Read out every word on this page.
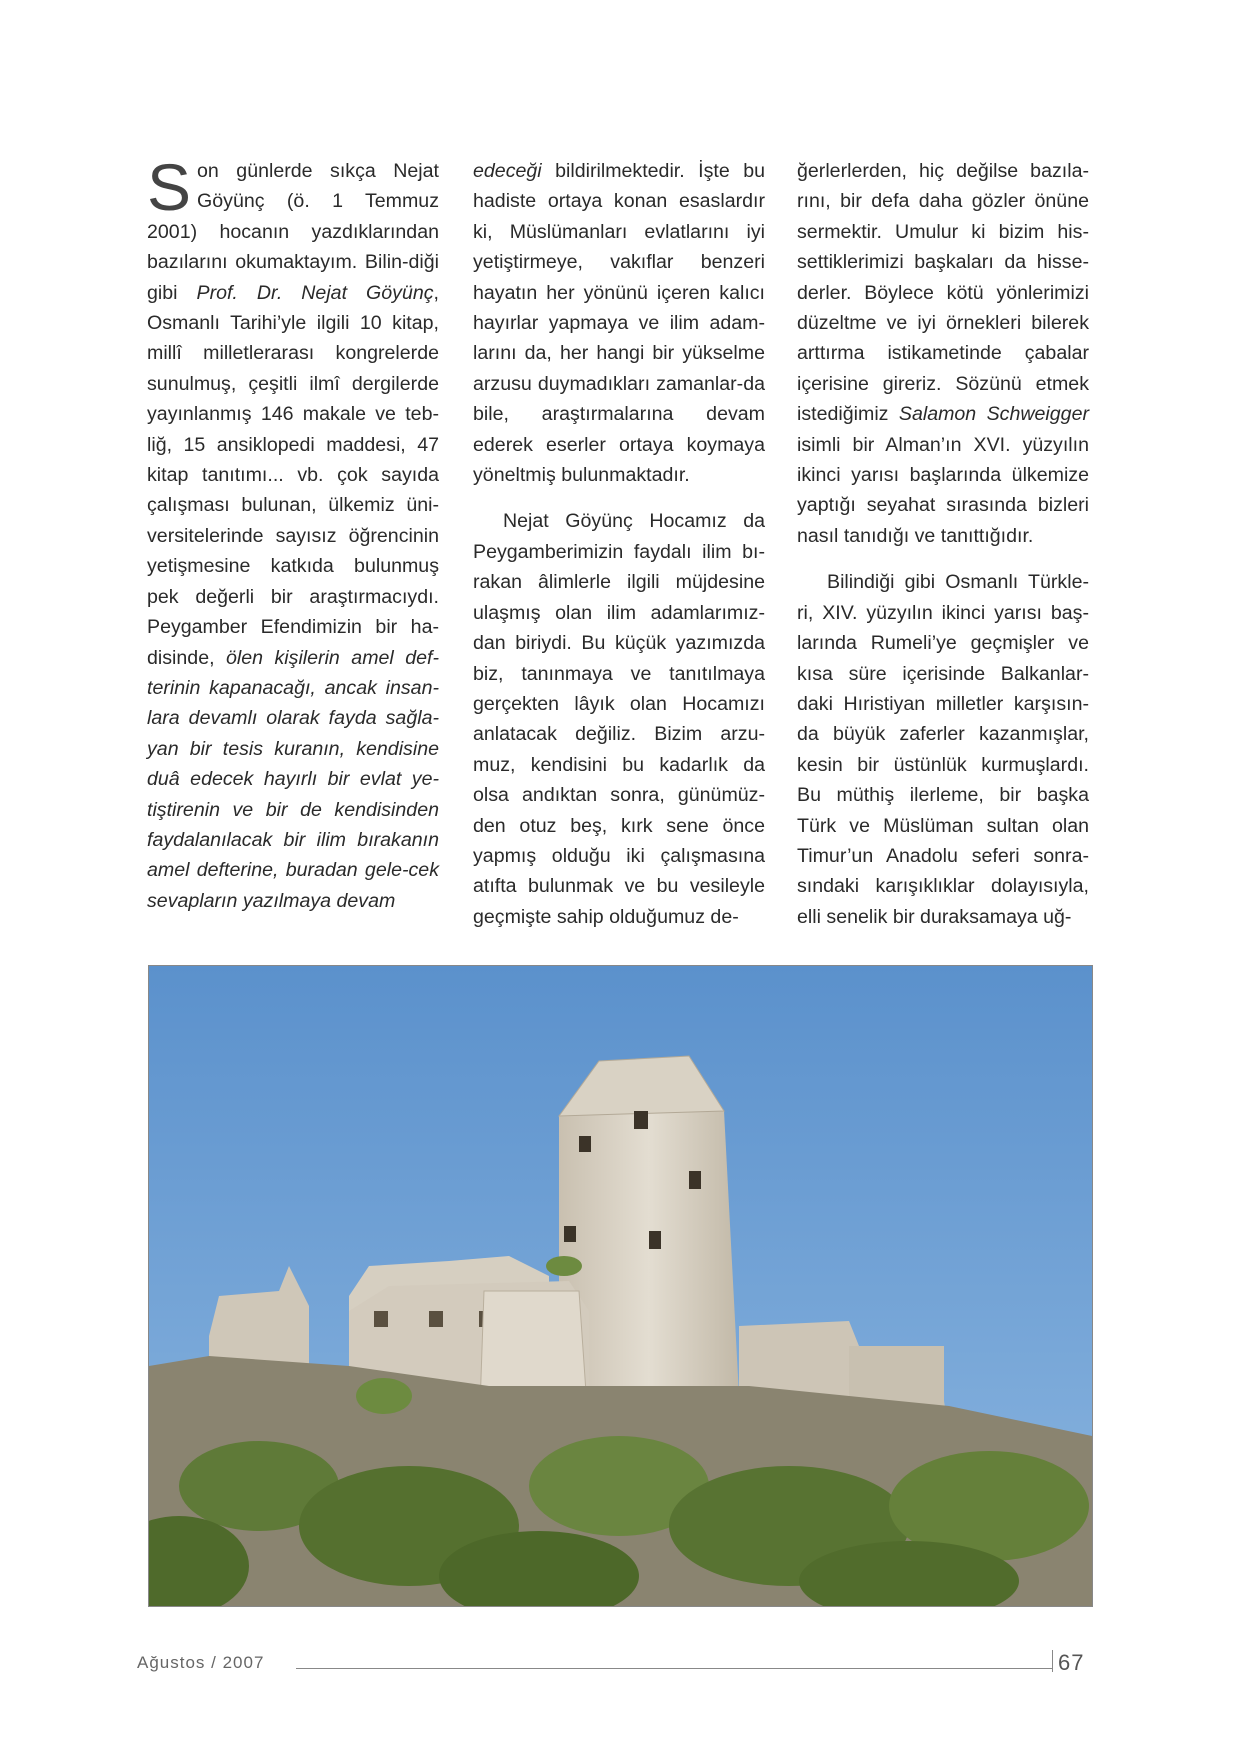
Son günlerde sıkça Nejat Göyünç (ö. 1 Temmuz 2001) hocanın yazdıklarından bazılarını okumaktayım. Bilin-diği gibi Prof. Dr. Nejat Göyünç, Osmanlı Tarihi’yle ilgili 10 kitap, millî milletlerarası kongrelerde sunulmuş, çeşitli ilmî dergilerde yayınlanmış 146 makale ve teb-liğ, 15 ansiklopedi maddesi, 47 kitap tanıtımı... vb. çok sayıda çalışması bulunan, ülkemiz üni-versitelerinde sayısız öğrencinin yetişmesine katkıda bulunmuş pek değerli bir araştırmacıydı. Peygamber Efendimizin bir ha-disinde, ölen kişilerin amel def-terinin kapanacağı, ancak insan-lara devamlı olarak fayda sağla-yan bir tesis kuranın, kendisine duâ edecek hayırlı bir evlat ye-tiştirenin ve bir de kendisinden faydalanılacak bir ilim bırakanın amel defterine, buradan gele-cek sevapların yazılmaya devam

edeceği bildirilmektedir. İşte bu hadiste ortaya konan esaslardır ki, Müslümanları evlatlarını iyi yetiştirmeye, vakıflar benzeri hayatın her yönünü içeren kalıcı hayırlar yapmaya ve ilim adam-larını da, her hangi bir yükselme arzusu duymadıkları zamanlar-da bile, araştırmalarına devam ederek eserler ortaya koymaya yöneltmiş bulunmaktadır.

Nejat Göyünç Hocamız da Peygamberimizin faydalı ilim bı-rakan âlimlerle ilgili müjdesine ulaşmış olan ilim adamlarımız-dan biriydi. Bu küçük yazımızda biz, tanınmaya ve tanıtılmaya gerçekten lâyık olan Hocamızı anlatacak değiliz. Bizim arzu-muz, kendisini bu kadarlık da olsa andıktan sonra, günümüz-den otuz beş, kırk sene önce yapmış olduğu iki çalışmasına atıfta bulunmak ve bu vesileyle geçmişte sahip olduğumuz de-

ğerlerlerden, hiç değilse bazıla-rını, bir defa daha gözler önüne sermektir. Umulur ki bizim his-settiklerimizi başkaları da hisse-derler. Böylece kötü yönlerimizi düzeltme ve iyi örnekleri bilerek arttırma istikametinde çabalar içerisine gireriz. Sözünü etmek istediğimiz Salamon Schweigger isimli bir Alman’ın XVI. yüzyılın ikinci yarısı başlarında ülkemize yaptığı seyahat sırasında bizleri nasıl tanıdığı ve tanıttığıdır.

Bilindiği gibi Osmanlı Türkle-ri, XIV. yüzyılın ikinci yarısı baş-larında Rumeli’ye geçmişler ve kısa süre içerisinde Balkanlar-daki Hıristiyan milletler karşısın-da büyük zaferler kazanmışlar, kesin bir üstünlük kurmuşlardı. Bu müthiş ilerleme, bir başka Türk ve Müslüman sultan olan Timur’un Anadolu seferi sonra-sındaki karışıklıklar dolayısıyla, elli senelik bir duraksamaya uğ-

Ağustos / 2007	67
